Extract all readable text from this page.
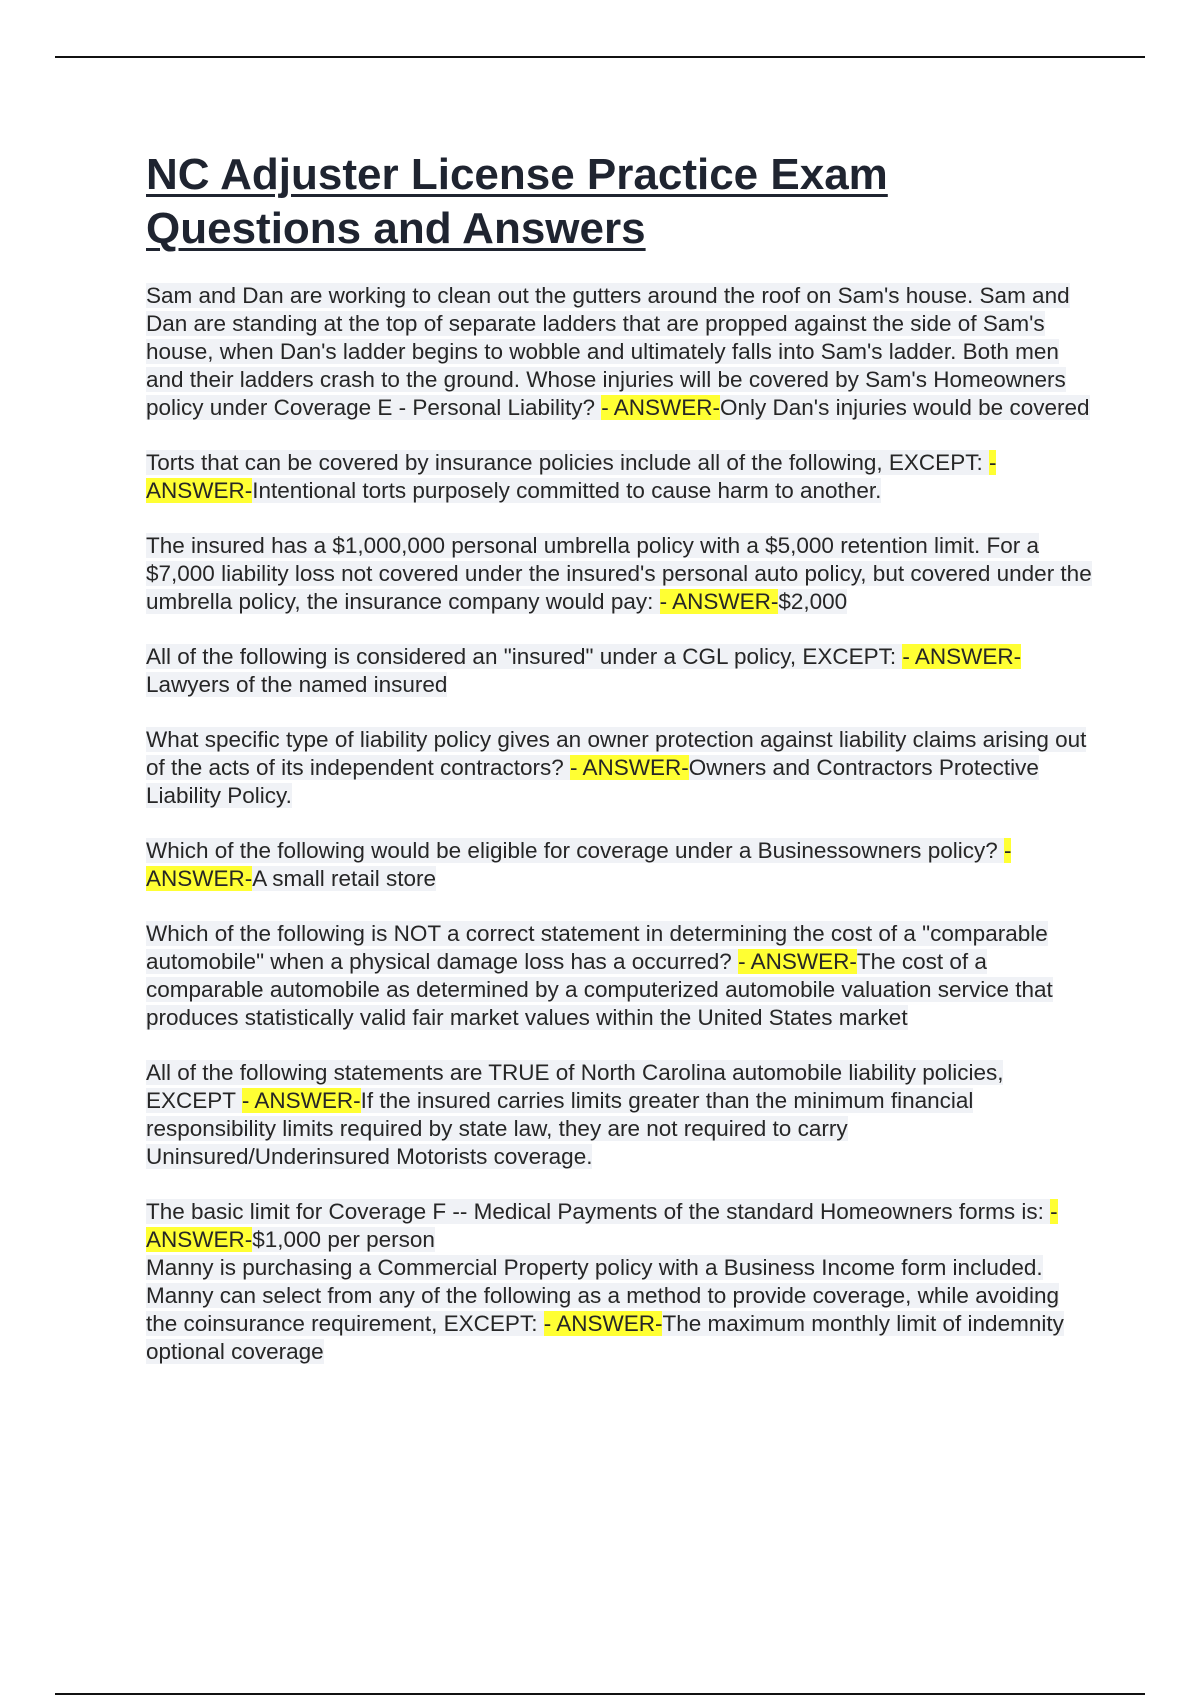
NC Adjuster License Practice Exam
Questions and Answers

Sam and Dan are working to clean out the gutters around the roof on Sam's house. Sam and Dan are standing at the top of separate ladders that are propped against the side of Sam's house, when Dan's ladder begins to wobble and ultimately falls into Sam's ladder. Both men and their ladders crash to the ground. Whose injuries will be covered by Sam's Homeowners policy under Coverage E - Personal Liability? - ANSWER-Only Dan's injuries would be covered

Torts that can be covered by insurance policies include all of the following, EXCEPT: - ANSWER-Intentional torts purposely committed to cause harm to another.

The insured has a $1,000,000 personal umbrella policy with a $5,000 retention limit. For a $7,000 liability loss not covered under the insured's personal auto policy, but covered under the umbrella policy, the insurance company would pay: - ANSWER-$2,000

All of the following is considered an "insured" under a CGL policy, EXCEPT: - ANSWER-Lawyers of the named insured

What specific type of liability policy gives an owner protection against liability claims arising out of the acts of its independent contractors? - ANSWER-Owners and Contractors Protective Liability Policy.

Which of the following would be eligible for coverage under a Businessowners policy? - ANSWER-A small retail store

Which of the following is NOT a correct statement in determining the cost of a "comparable automobile" when a physical damage loss has a occurred? - ANSWER-The cost of a comparable automobile as determined by a computerized automobile valuation service that produces statistically valid fair market values within the United States market

All of the following statements are TRUE of North Carolina automobile liability policies, EXCEPT - ANSWER-If the insured carries limits greater than the minimum financial responsibility limits required by state law, they are not required to carry Uninsured/Underinsured Motorists coverage.

The basic limit for Coverage F -- Medical Payments of the standard Homeowners forms is: - ANSWER-$1,000 per person

Manny is purchasing a Commercial Property policy with a Business Income form included. Manny can select from any of the following as a method to provide coverage, while avoiding the coinsurance requirement, EXCEPT: - ANSWER-The maximum monthly limit of indemnity optional coverage
